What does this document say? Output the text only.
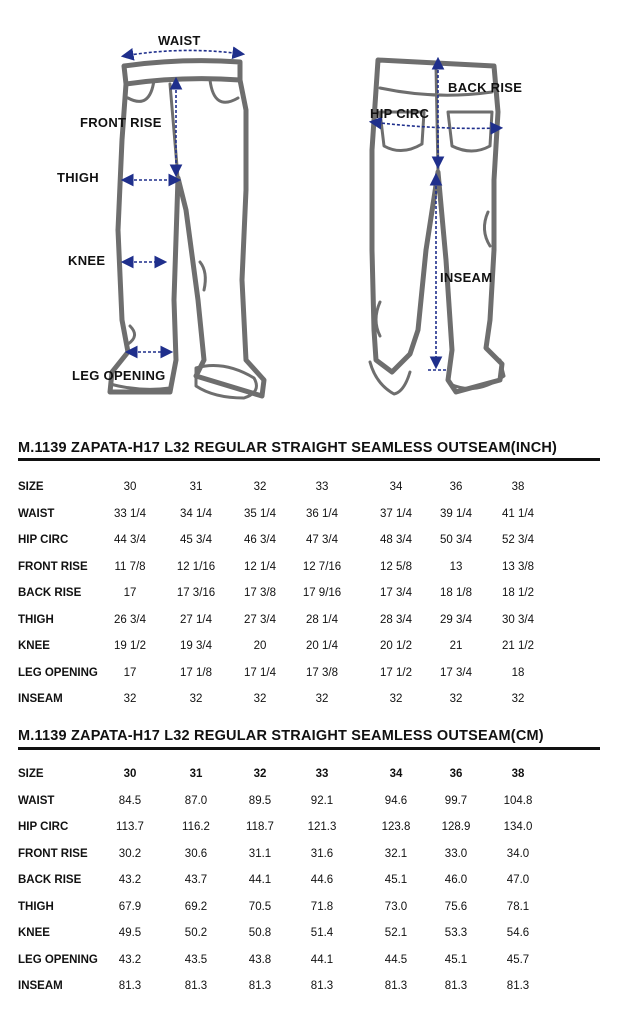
WAIST
FRONT RISE
THIGH
KNEE
LEG OPENING
BACK RISE
HIP CIRC
INSEAM
M.1139 ZAPATA-H17 L32 REGULAR STRAIGHT SEAMLESS OUTSEAM(INCH)
SIZE	30	31	32	33	34	36	38
WAIST	33 1/4	34 1/4	35 1/4	36 1/4	37 1/4	39 1/4	41 1/4
HIP CIRC	44 3/4	45 3/4	46 3/4	47 3/4	48 3/4	50 3/4	52 3/4
FRONT RISE	11 7/8	12 1/16	12 1/4	12 7/16	12 5/8	13	13 3/8
BACK RISE	17	17 3/16	17 3/8	17 9/16	17 3/4	18 1/8	18 1/2
THIGH	26 3/4	27 1/4	27 3/4	28 1/4	28 3/4	29 3/4	30 3/4
KNEE	19 1/2	19 3/4	20	20 1/4	20 1/2	21	21 1/2
LEG OPENING	17	17 1/8	17 1/4	17 3/8	17 1/2	17 3/4	18
INSEAM	32	32	32	32	32	32	32
M.1139 ZAPATA-H17 L32 REGULAR STRAIGHT SEAMLESS OUTSEAM(CM)
SIZE	30	31	32	33	34	36	38
WAIST	84.5	87.0	89.5	92.1	94.6	99.7	104.8
HIP CIRC	113.7	116.2	118.7	121.3	123.8	128.9	134.0
FRONT RISE	30.2	30.6	31.1	31.6	32.1	33.0	34.0
BACK RISE	43.2	43.7	44.1	44.6	45.1	46.0	47.0
THIGH	67.9	69.2	70.5	71.8	73.0	75.6	78.1
KNEE	49.5	50.2	50.8	51.4	52.1	53.3	54.6
LEG OPENING	43.2	43.5	43.8	44.1	44.5	45.1	45.7
INSEAM	81.3	81.3	81.3	81.3	81.3	81.3	81.3
